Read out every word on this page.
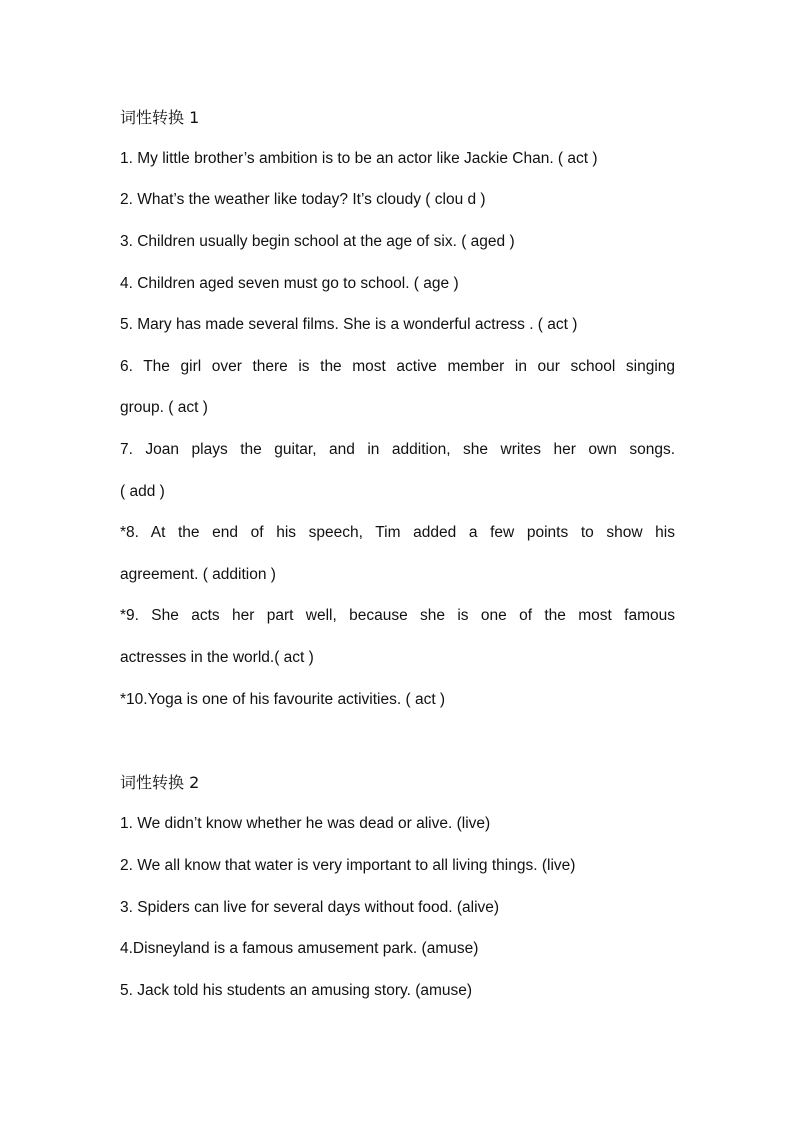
词性转换 1
1. My little brother’s ambition is to be an actor like Jackie Chan. ( act )
2. What’s the weather like today? It’s cloudy ( clou d )
3. Children usually begin school at the age of six. ( aged )
4. Children aged seven must go to school. ( age )
5. Mary has made several films. She is a wonderful actress . ( act )
6. The girl over there is the most active member in our school singing
group. ( act )
7. Joan plays the guitar, and in addition, she writes her own songs.
( add )
*8. At the end of his speech, Tim added a few points to show his
agreement. ( addition )
*9. She acts her part well, because she is one of the most famous
actresses in the world.( act )
*10.Yoga is one of his favourite activities. ( act )
词性转换 2
1. We didn’t know whether he was dead or alive. (live)
2. We all know that water is very important to all living things. (live)
3. Spiders can live for several days without food. (alive)
4.Disneyland is a famous amusement park. (amuse)
5. Jack told his students an amusing story. (amuse)
